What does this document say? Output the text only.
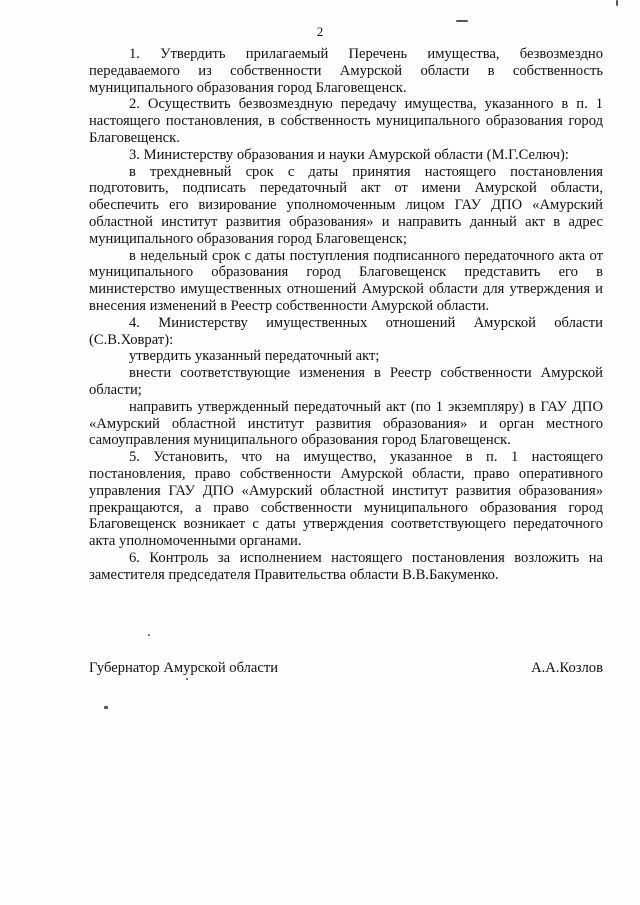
2

1. Утвердить прилагаемый Перечень имущества, безвозмездно передаваемого из собственности Амурской области в собственность муниципального образования город Благовещенск.

2. Осуществить безвозмездную передачу имущества, указанного в п. 1 настоящего постановления, в собственность муниципального образования город Благовещенск.

3. Министерству образования и науки Амурской области (М.Г.Селюч):

в трехдневный срок с даты принятия настоящего постановления подготовить, подписать передаточный акт от имени Амурской области, обеспечить его визирование уполномоченным лицом ГАУ ДПО «Амурский областной институт развития образования» и направить данный акт в адрес муниципального образования город Благовещенск;

в недельный срок с даты поступления подписанного передаточного акта от муниципального образования город Благовещенск представить его в министерство имущественных отношений Амурской области для утверждения и внесения изменений в Реестр собственности Амурской области.

4. Министерству имущественных отношений Амурской области (С.В.Ховрат):

утвердить указанный передаточный акт;

внести соответствующие изменения в Реестр собственности Амурской области;

направить утвержденный передаточный акт (по 1 экземпляру) в ГАУ ДПО «Амурский областной институт развития образования» и орган местного самоуправления муниципального образования город Благовещенск.

5. Установить, что на имущество, указанное в п. 1 настоящего постановления, право собственности Амурской области, право оперативного управления ГАУ ДПО «Амурский областной институт развития образования» прекращаются, а право собственности муниципального образования город Благовещенск возникает с даты утверждения соответствующего передаточного акта уполномоченными органами.

6. Контроль за исполнением настоящего постановления возложить на заместителя председателя Правительства области В.В.Бакуменко.

Губернатор Амурской области	А.А.Козлов
